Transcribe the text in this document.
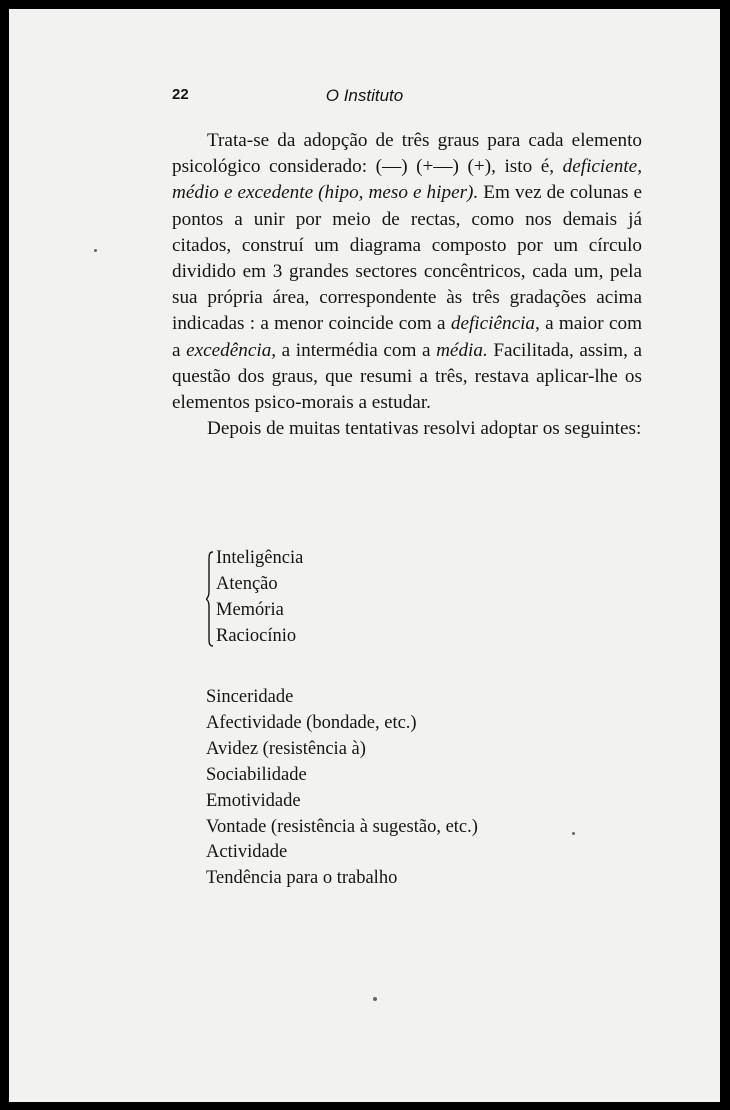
22	O Instituto

Trata-se da adopção de três graus para cada elemento psicológico considerado: (—) (+—) (+), isto é, deficiente, médio e excedente (hipo, meso e hiper). Em vez de colunas e pontos a unir por meio de rectas, como nos demais já citados, construí um diagrama composto por um círculo dividido em 3 grandes sectores concêntricos, cada um, pela sua própria área, correspondente às três gradações acima indicadas : a menor coincide com a deficiência, a maior com a excedência, a intermédia com a média. Facilitada, assim, a questão dos graus, que resumi a três, restava aplicar-lhe os elementos psico-morais a estudar.

Depois de muitas tentativas resolvi adoptar os seguintes:

Inteligência
Atenção
Memória
Raciocínio
Sinceridade
Afectividade (bondade, etc.)
Avidez (resistência à)
Sociabilidade
Emotividade
Vontade (resistência à sugestão, etc.)
Actividade
Tendência para o trabalho
